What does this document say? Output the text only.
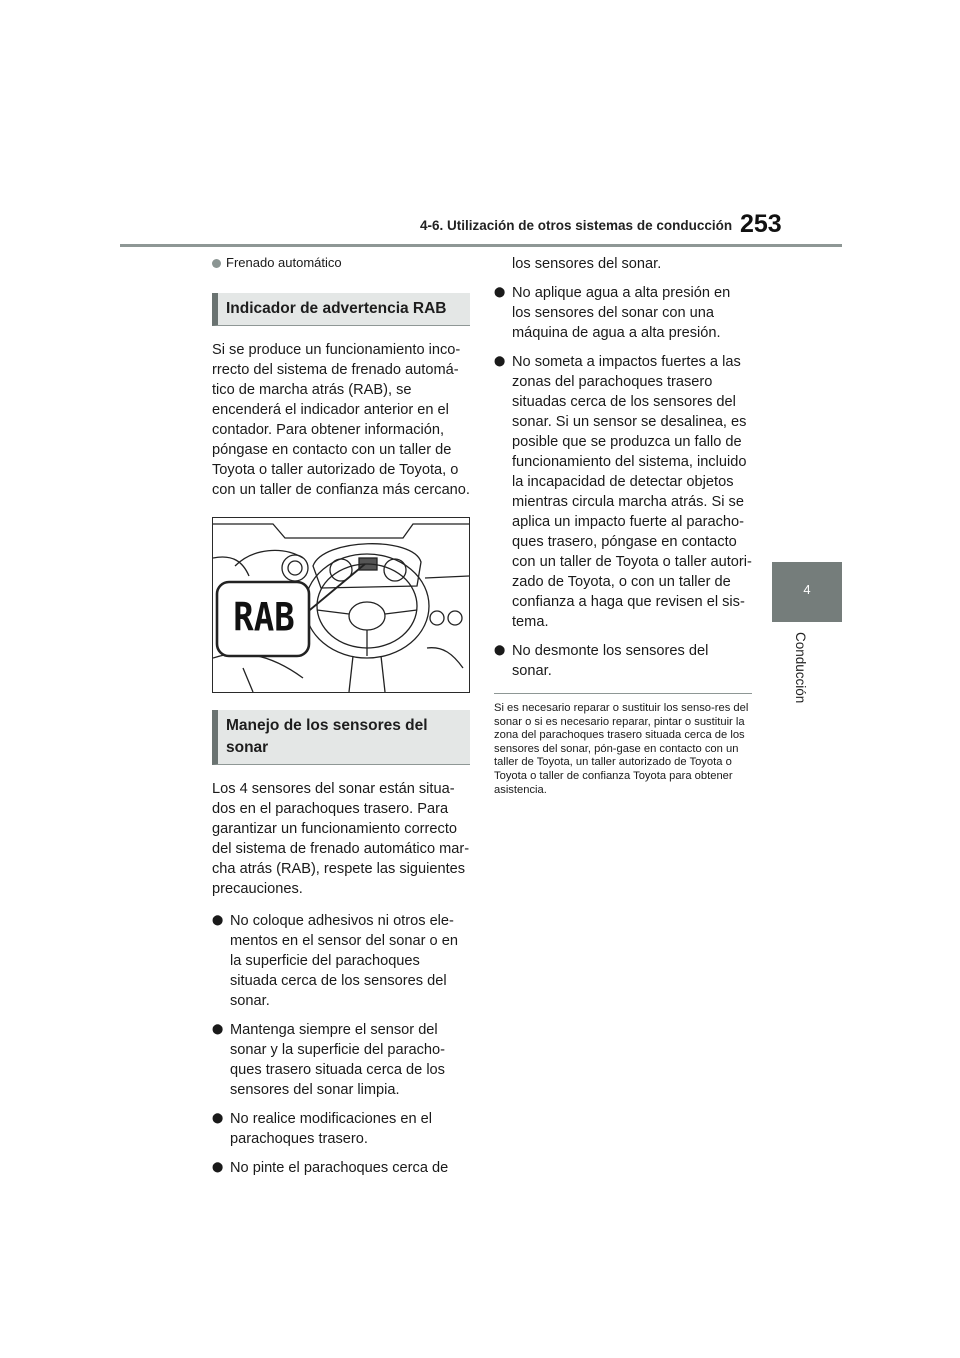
4-6. Utilización de otros sistemas de conducción 253
4
Conducción
Frenado automático
Indicador de advertencia RAB

Si se produce un funcionamiento inco-rrecto del sistema de frenado automá-tico de marcha atrás (RAB), se encenderá el indicador anterior en el contador. Para obtener información, póngase en contacto con un taller de Toyota o taller autorizado de Toyota, o con un taller de confianza más cercano.

RAB
Manejo de los sensores del sonar

Los 4 sensores del sonar están situa-dos en el parachoques trasero. Para garantizar un funcionamiento correcto del sistema de frenado automático mar-cha atrás (RAB), respete las siguientes precauciones.

⬤ No coloque adhesivos ni otros ele-mentos en el sensor del sonar o en la superficie del parachoques situada cerca de los sensores del sonar.
⬤ Mantenga siempre el sensor del sonar y la superficie del paracho-ques trasero situada cerca de los sensores del sonar limpia.
⬤ No realice modificaciones en el parachoques trasero.
⬤ No pinte el parachoques cerca de
los sensores del sonar.
⬤ No aplique agua a alta presión en los sensores del sonar con una máquina de agua a alta presión.
⬤ No someta a impactos fuertes a las zonas del parachoques trasero situadas cerca de los sensores del sonar. Si un sensor se desalinea, es posible que se produzca un fallo de funcionamiento del sistema, incluido la incapacidad de detectar objetos mientras circula marcha atrás. Si se aplica un impacto fuerte al paracho-ques trasero, póngase en contacto con un taller de Toyota o taller autori-zado de Toyota, o con un taller de confianza a haga que revisen el sis-tema.
⬤ No desmonte los sensores del sonar.

Si es necesario reparar o sustituir los senso-res del sonar o si es necesario reparar, pintar o sustituir la zona del parachoques trasero situada cerca de los sensores del sonar, pón-gase en contacto con un taller de Toyota, un taller autorizado de Toyota o Toyota o taller de confianza Toyota para obtener asistencia.
